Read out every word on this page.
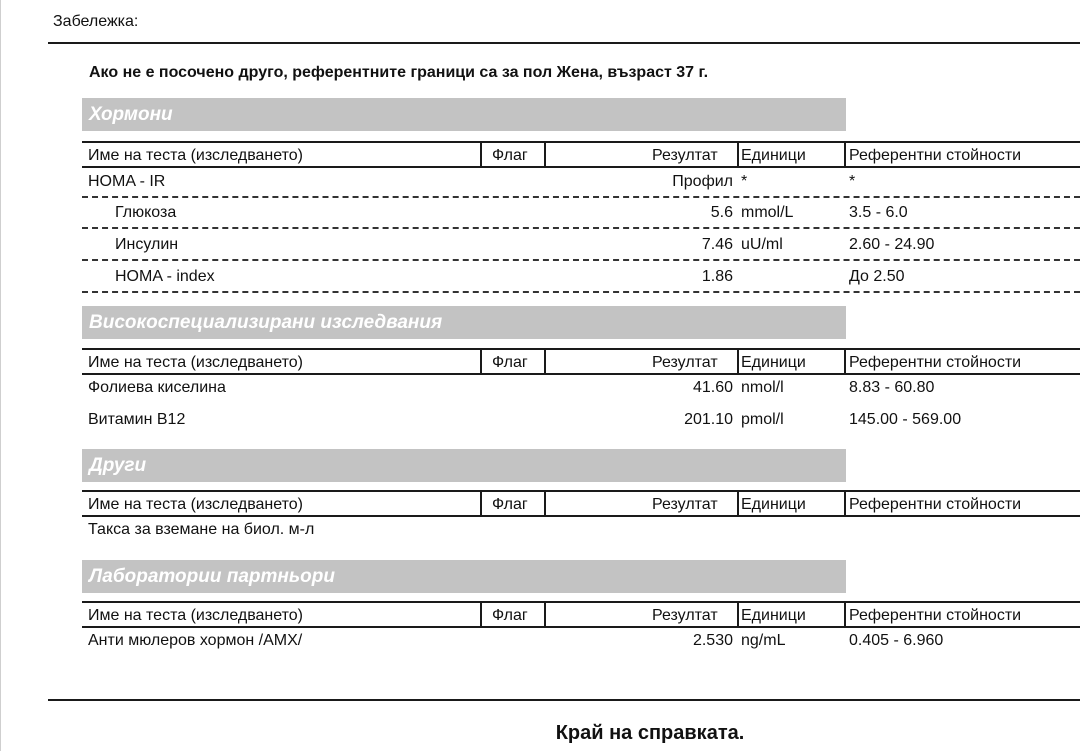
Забележка:
Ако не е посочено друго, референтните граници са за пол Жена, възраст 37 г.
Хормони
Име на теста (изследването)	Флаг	Резултат Единици	Референтни стойности
HOMA - IR	Профил *	*
Глюкоза	5.6 mmol/L	3.5 - 6.0
Инсулин	7.46 uU/ml	2.60 - 24.90
HOMA - index	1.86	До 2.50
Високоспециализирани изследвания
Име на теста (изследването)	Флаг	Резултат Единици	Референтни стойности
Фолиева киселина	41.60 nmol/l	8.83 - 60.80
Витамин B12	201.10 pmol/l	145.00 - 569.00
Други
Име на теста (изследването)	Флаг	Резултат Единици	Референтни стойности
Такса за вземане на биол. м-л
Лаборатории партньори
Име на теста (изследването)	Флаг	Резултат Единици	Референтни стойности
Анти мюлеров хормон /AMX/	2.530 ng/mL	0.405 - 6.960
Край на справката.
